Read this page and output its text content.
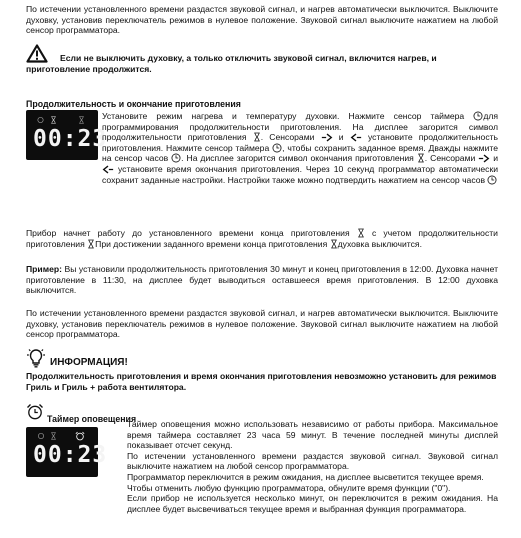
По истечении установленного времени раздастся звуковой сигнал, и нагрев автоматически выключится. Выключите духовку, установив переключатель режимов в нулевое положение. Звуковой сигнал выключите нажатием на любой сенсор программатора.

Если не выключить духовку, а только отключить звуковой сигнал, включится нагрев, и приготовление продолжится.

Продолжительность и окончание приготовления

00:23

Установите режим нагрева и температуру духовки. Нажмите сенсор таймера для программирования продолжительности приготовления. На дисплее загорится символ продолжительности приготовления . Сенсорами	и	установите продолжительность приготовления. Нажмите сенсор таймера , чтобы сохранить заданное время. Дважды нажмите на сенсор часов . На дисплее загорится символ окончания приготовления . Сенсорами и  установите время окончания приготовления. Через 10 секунд программатор автоматически сохранит заданные настройки. Настройки также можно подтвердить нажатием на сенсор часов

Прибор начнет работу до установленного времени конца приготовления	с учетом продолжительности приготовления При достижении заданного времени конца приготовления духовка выключится.

Пример: Вы установили продолжительность приготовления 30 минут и конец приготовления в 12:00. Духовка начнет приготовление в 11:30, на дисплее будет выводиться оставшееся время приготовления. В 12:00 духовка выключится.

По истечении установленного времени раздастся звуковой сигнал, и нагрев автоматически выключится. Выключите духовку, установив переключатель режимов в нулевое положение. Звуковой сигнал выключите нажатием на любой сенсор программатора.

ИНФОРМАЦИЯ!

Продолжительность приготовления и время окончания приготовления невозможно установить для режимов Гриль и Гриль + работа вентилятора.

Таймер оповещения

00:23

Таймер оповещения можно использовать независимо от работы прибора. Максимальное время таймера составляет 23 часа 59 минут. В течение последней минуты дисплей показывает отсчет секунд.

По истечении установленного времени раздастся звуковой сигнал. Звуковой сигнал выключите нажатием на любой сенсор программатора.

Программатор переключится в режим ожидания, на дисплее высветится текущее время.

Чтобы отменить любую функцию программатора, обнулите время функции ("0").

Если прибор не используется несколько минут, он переключится в режим ожидания. На дисплее будет высвечиваться текущее время и выбранная функция программатора.
